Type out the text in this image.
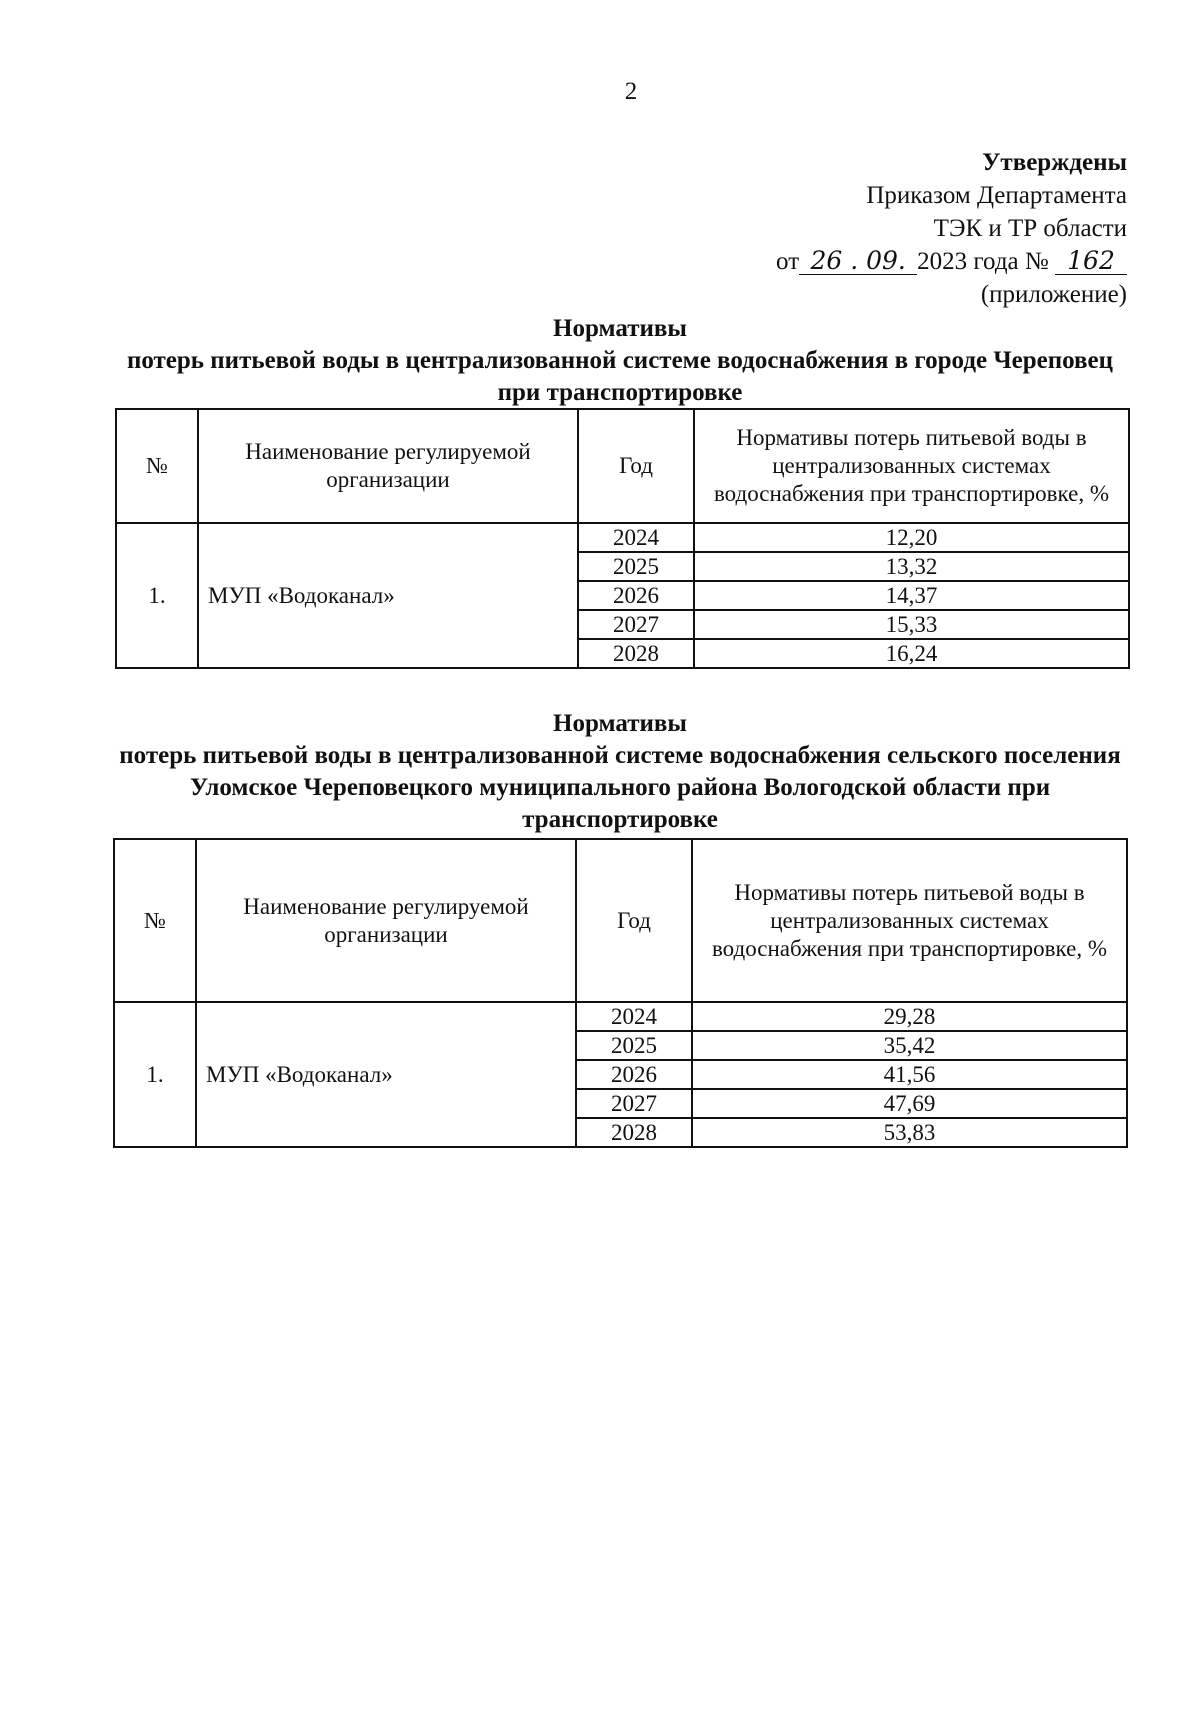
2
Утверждены
Приказом Департамента
ТЭК и ТР области
от 26 . 09. 2023 года № 162
(приложение)
Нормативы
потерь питьевой воды в централизованной системе водоснабжения в городе Череповец при транспортировке
№	Наименование регулируемой организации	Год	Нормативы потерь питьевой воды в централизованных системах водоснабжения при транспортировке, %
1.	МУП «Водоканал»	2024	12,20
		2025	13,32
		2026	14,37
		2027	15,33
		2028	16,24
Нормативы
потерь питьевой воды в централизованной системе водоснабжения сельского поселения Уломское Череповецкого муниципального района Вологодской области при транспортировке
№	Наименование регулируемой организации	Год	Нормативы потерь питьевой воды в централизованных системах водоснабжения при транспортировке, %
1.	МУП «Водоканал»	2024	29,28
		2025	35,42
		2026	41,56
		2027	47,69
		2028	53,83
